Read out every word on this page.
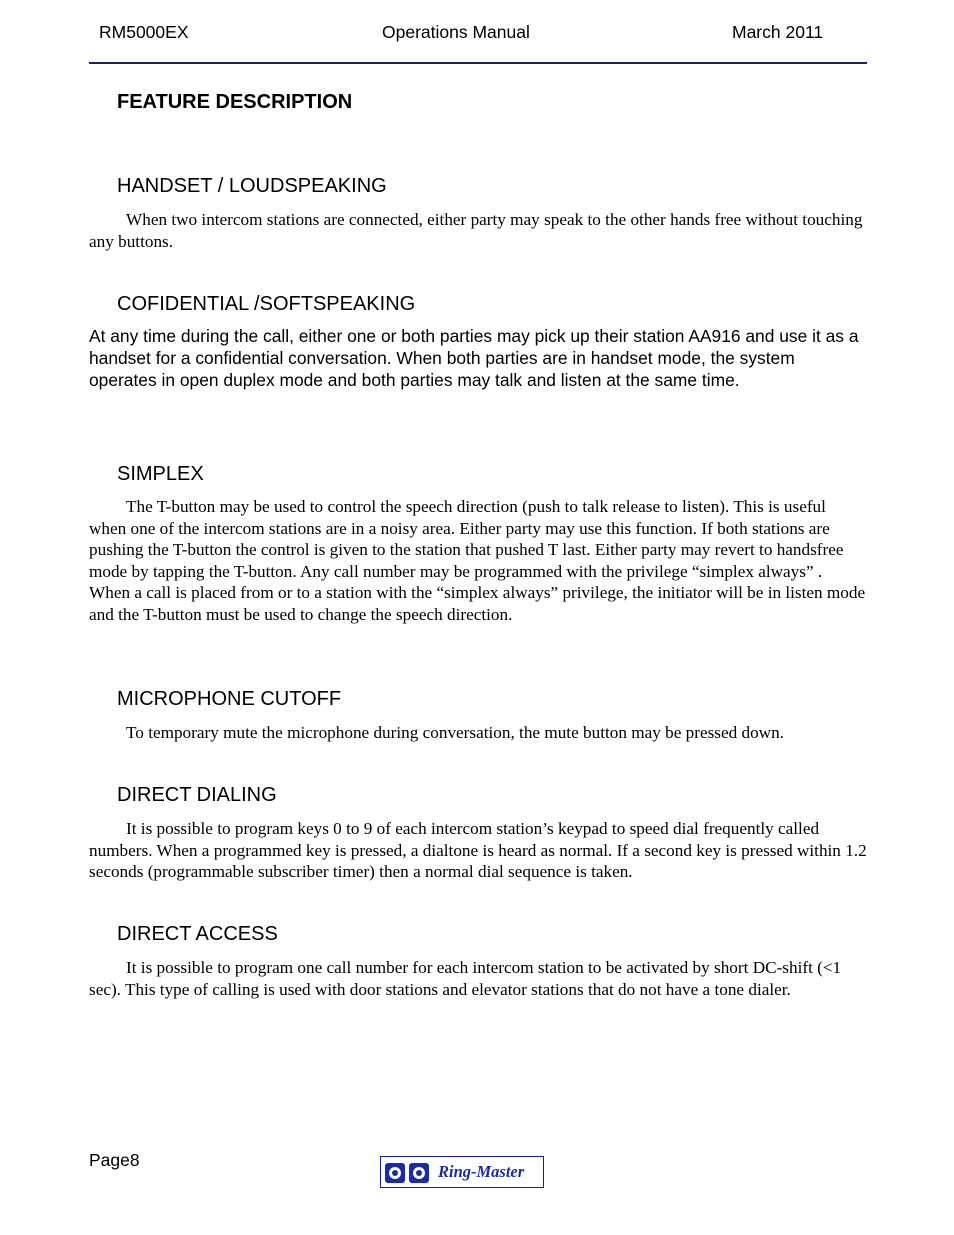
RM5000EX	Operations Manual	March 2011
FEATURE DESCRIPTION
HANDSET / LOUDSPEAKING
When two intercom stations are connected, either party may speak to the other hands free without touching any buttons.
COFIDENTIAL /SOFTSPEAKING
At any time during the call, either one or both parties may pick up their station AA916 and use it as a handset for a confidential conversation. When both parties are in handset mode, the system operates in open duplex mode and both parties may talk and listen at the same time.
SIMPLEX
The T-button may be used to control the speech direction (push to talk release to listen). This is useful when one of the intercom stations are in a noisy area. Either party may use this function. If both stations are pushing the T-button the control is given to the station that pushed T last. Either party may revert to handsfree mode by tapping the T-button. Any call number may be programmed with the privilege “simplex always” . When a call is placed from or to a station with the “simplex always” privilege, the initiator will be in listen mode and the T-button must be used to change the speech direction.
MICROPHONE CUTOFF
To temporary mute the microphone during conversation, the mute button may be pressed down.
DIRECT DIALING
It is possible to program keys 0 to 9 of each intercom station’s keypad to speed dial frequently called numbers. When a programmed key is pressed, a dialtone is heard as normal. If a second key is pressed within 1.2 seconds (programmable subscriber timer) then a normal dial sequence is taken.
DIRECT ACCESS
It is possible to program one call number for each intercom station to be activated by short DC-shift (<1 sec). This type of calling is used with door stations and elevator stations that do not have a tone dialer.
Page8
Ring-Master
